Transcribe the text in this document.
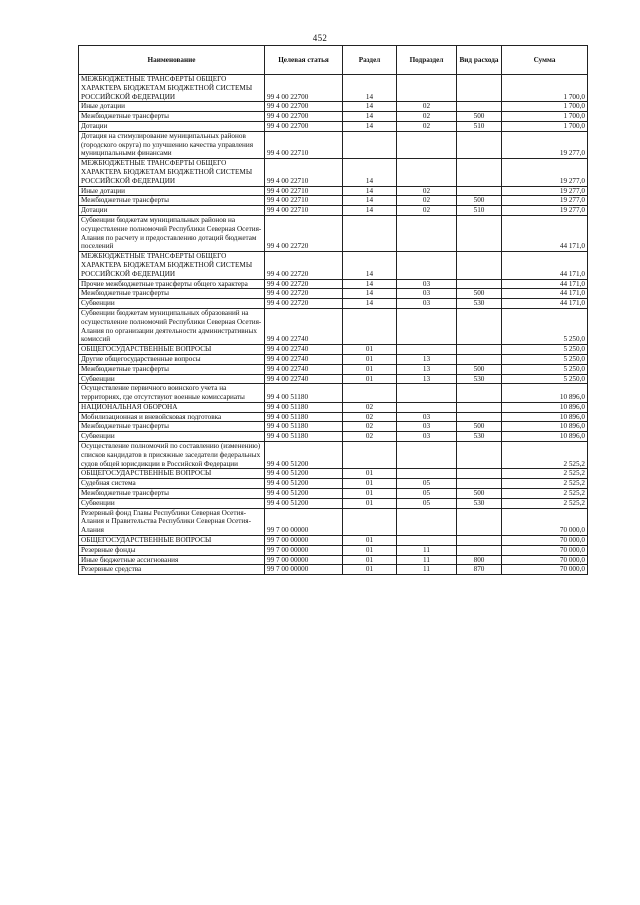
452
Наименование	Целевая статья	Раздел	Подраздел	Вид расхода	Сумма
МЕЖБЮДЖЕТНЫЕ ТРАНСФЕРТЫ ОБЩЕГО ХАРАКТЕРА БЮДЖЕТАМ БЮДЖЕТНОЙ СИСТЕМЫ РОССИЙСКОЙ ФЕДЕРАЦИИ	99 4 00 22700	14			1 700,0
Иные дотации	99 4 00 22700	14	02		1 700,0
Межбюджетные трансферты	99 4 00 22700	14	02	500	1 700,0
Дотации	99 4 00 22700	14	02	510	1 700,0
Дотация на стимулирование муниципальных районов (городского округа) по улучшению качества управления муниципальными финансами	99 4 00 22710				19 277,0
МЕЖБЮДЖЕТНЫЕ ТРАНСФЕРТЫ ОБЩЕГО ХАРАКТЕРА БЮДЖЕТАМ БЮДЖЕТНОЙ СИСТЕМЫ РОССИЙСКОЙ ФЕДЕРАЦИИ	99 4 00 22710	14			19 277,0
Иные дотации	99 4 00 22710	14	02		19 277,0
Межбюджетные трансферты	99 4 00 22710	14	02	500	19 277,0
Дотации	99 4 00 22710	14	02	510	19 277,0
Субвенции бюджетам муниципальных районов на осуществление полномочий Республики Северная Осетия-Алания по расчету и предоставлению дотаций бюджетам поселений	99 4 00 22720				44 171,0
МЕЖБЮДЖЕТНЫЕ ТРАНСФЕРТЫ ОБЩЕГО ХАРАКТЕРА БЮДЖЕТАМ БЮДЖЕТНОЙ СИСТЕМЫ РОССИЙСКОЙ ФЕДЕРАЦИИ	99 4 00 22720	14			44 171,0
Прочие межбюджетные трансферты общего характера	99 4 00 22720	14	03		44 171,0
Межбюджетные трансферты	99 4 00 22720	14	03	500	44 171,0
Субвенции	99 4 00 22720	14	03	530	44 171,0
Субвенции бюджетам муниципальных образований на осуществление полномочий Республики Северная Осетия-Алания по организации деятельности административных комиссий	99 4 00 22740				5 250,0
ОБЩЕГОСУДАРСТВЕННЫЕ ВОПРОСЫ	99 4 00 22740	01			5 250,0
Другие общегосударственные вопросы	99 4 00 22740	01	13		5 250,0
Межбюджетные трансферты	99 4 00 22740	01	13	500	5 250,0
Субвенции	99 4 00 22740	01	13	530	5 250,0
Осуществление первичного воинского учета на территориях, где отсутствуют военные комиссариаты	99 4 00 51180				10 896,0
НАЦИОНАЛЬНАЯ ОБОРОНА	99 4 00 51180	02			10 896,0
Мобилизационная и вневойсковая подготовка	99 4 00 51180	02	03		10 896,0
Межбюджетные трансферты	99 4 00 51180	02	03	500	10 896,0
Субвенции	99 4 00 51180	02	03	530	10 896,0
Осуществление полномочий по составлению (изменению) списков кандидатов в присяжные заседатели федеральных судов общей юрисдикции в Российской Федерации	99 4 00 51200				2 525,2
ОБЩЕГОСУДАРСТВЕННЫЕ ВОПРОСЫ	99 4 00 51200	01			2 525,2
Судебная система	99 4 00 51200	01	05		2 525,2
Межбюджетные трансферты	99 4 00 51200	01	05	500	2 525,2
Субвенции	99 4 00 51200	01	05	530	2 525,2
Резервный фонд Главы Республики Северная Осетия-Алания и Правительства Республики Северная Осетия-Алания	99 7 00 00000				70 000,0
ОБЩЕГОСУДАРСТВЕННЫЕ ВОПРОСЫ	99 7 00 00000	01			70 000,0
Резервные фонды	99 7 00 00000	01	11		70 000,0
Иные бюджетные ассигнования	99 7 00 00000	01	11	800	70 000,0
Резервные средства	99 7 00 00000	01	11	870	70 000,0
